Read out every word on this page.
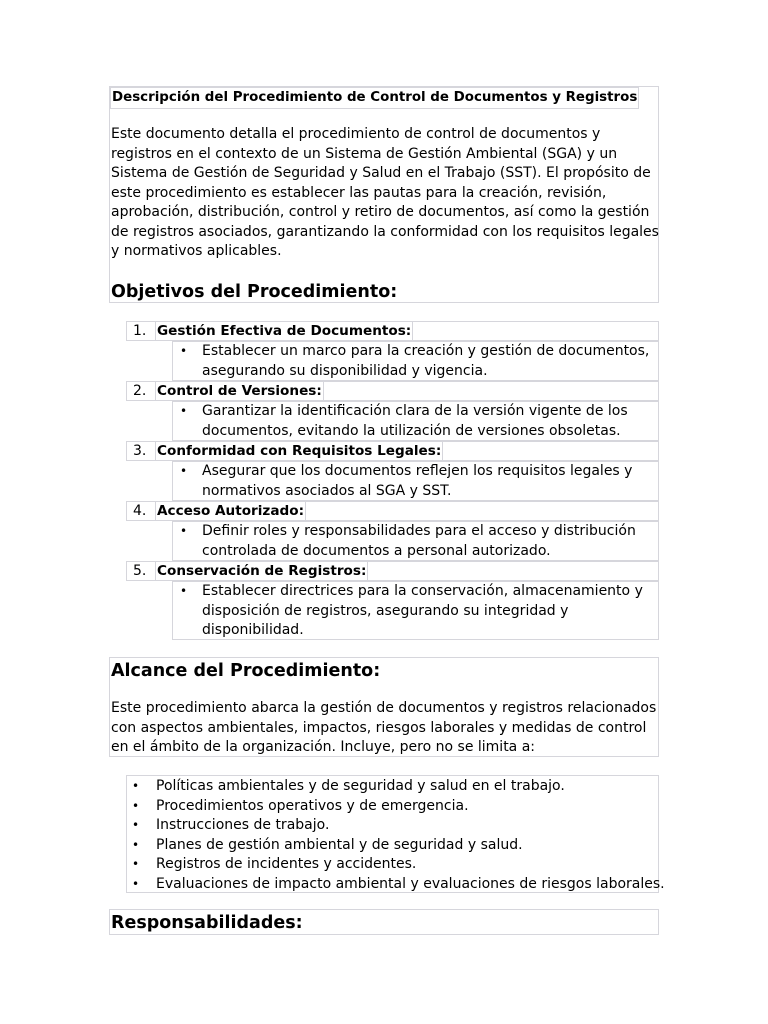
Descripción del Procedimiento de Control de Documentos y Registros

Este documento detalla el procedimiento de control de documentos y registros en el contexto de un Sistema de Gestión Ambiental (SGA) y un Sistema de Gestión de Seguridad y Salud en el Trabajo (SST). El propósito de este procedimiento es establecer las pautas para la creación, revisión, aprobación, distribución, control y retiro de documentos, así como la gestión de registros asociados, garantizando la conformidad con los requisitos legales y normativos aplicables.

Objetivos del Procedimiento:
1. Gestión Efectiva de Documentos:
• Establecer un marco para la creación y gestión de documentos, asegurando su disponibilidad y vigencia.

2. Control de Versiones:
• Garantizar la identificación clara de la versión vigente de los documentos, evitando la utilización de versiones obsoletas.

3. Conformidad con Requisitos Legales:
• Asegurar que los documentos reflejen los requisitos legales y normativos asociados al SGA y SST.

4. Acceso Autorizado:
• Definir roles y responsabilidades para el acceso y distribución controlada de documentos a personal autorizado.

5. Conservación de Registros:
• Establecer directrices para la conservación, almacenamiento y disposición de registros, asegurando su integridad y disponibilidad.

Alcance del Procedimiento:

Este procedimiento abarca la gestión de documentos y registros relacionados con aspectos ambientales, impactos, riesgos laborales y medidas de control en el ámbito de la organización. Incluye, pero no se limita a:

• Políticas ambientales y de seguridad y salud en el trabajo.
• Procedimientos operativos y de emergencia.
• Instrucciones de trabajo.
• Planes de gestión ambiental y de seguridad y salud.
• Registros de incidentes y accidentes.
• Evaluaciones de impacto ambiental y evaluaciones de riesgos laborales.
Responsabilidades:
